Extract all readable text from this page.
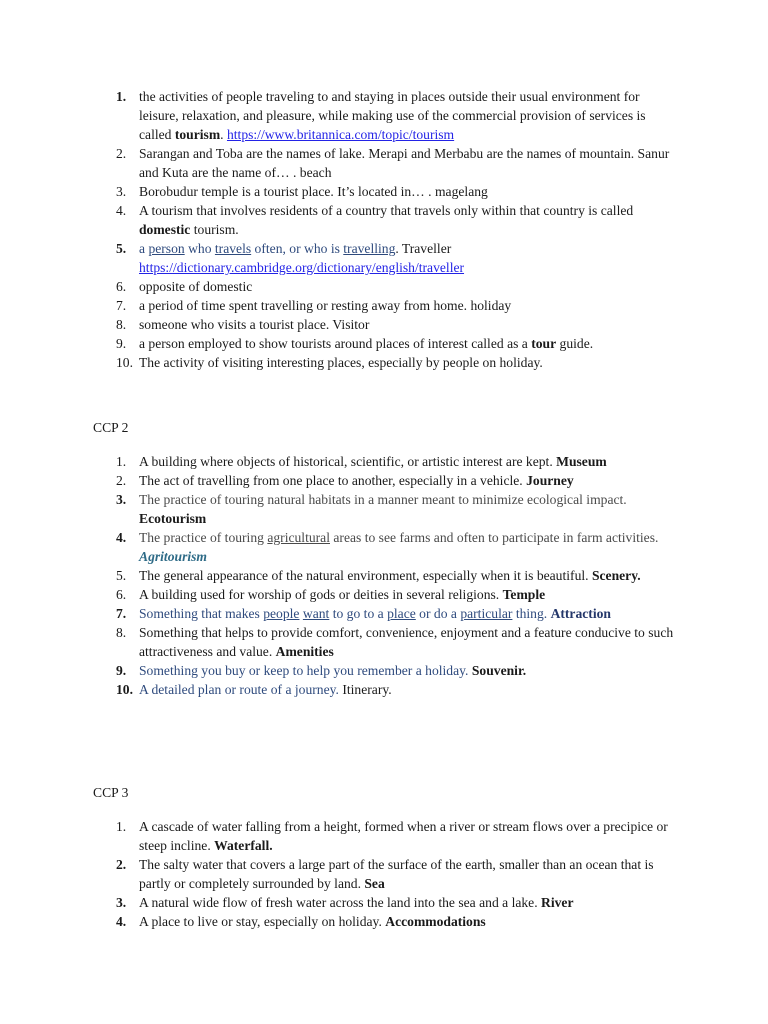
1. the activities of people traveling to and staying in places outside their usual environment for leisure, relaxation, and pleasure, while making use of the commercial provision of services is called tourism. https://www.britannica.com/topic/tourism
2. Sarangan and Toba are the names of lake. Merapi and Merbabu are the names of mountain. Sanur and Kuta are the name of… . beach
3. Borobudur temple is a tourist place. It’s located in… . magelang
4. A tourism that involves residents of a country that travels only within that country is called domestic tourism.
5. a person who travels often, or who is travelling. Traveller https://dictionary.cambridge.org/dictionary/english/traveller
6. opposite of domestic
7. a period of time spent travelling or resting away from home. holiday
8. someone who visits a tourist place. Visitor
9. a person employed to show tourists around places of interest called as a tour guide.
10. The activity of visiting interesting places, especially by people on holiday.
CCP 2
1. A building where objects of historical, scientific, or artistic interest are kept. Museum
2. The act of travelling from one place to another, especially in a vehicle. Journey
3. The practice of touring natural habitats in a manner meant to minimize ecological impact. Ecotourism
4. The practice of touring agricultural areas to see farms and often to participate in farm activities. Agritourism
5. The general appearance of the natural environment, especially when it is beautiful. Scenery.
6. A building used for worship of gods or deities in several religions. Temple
7. Something that makes people want to go to a place or do a particular thing. Attraction
8. Something that helps to provide comfort, convenience, enjoyment and a feature conducive to such attractiveness and value. Amenities
9. Something you buy or keep to help you remember a holiday. Souvenir.
10. A detailed plan or route of a journey. Itinerary.
CCP 3
1. A cascade of water falling from a height, formed when a river or stream flows over a precipice or steep incline. Waterfall.
2. The salty water that covers a large part of the surface of the earth, smaller than an ocean that is partly or completely surrounded by land. Sea
3. A natural wide flow of fresh water across the land into the sea and a lake. River
4. A place to live or stay, especially on holiday. Accommodations
